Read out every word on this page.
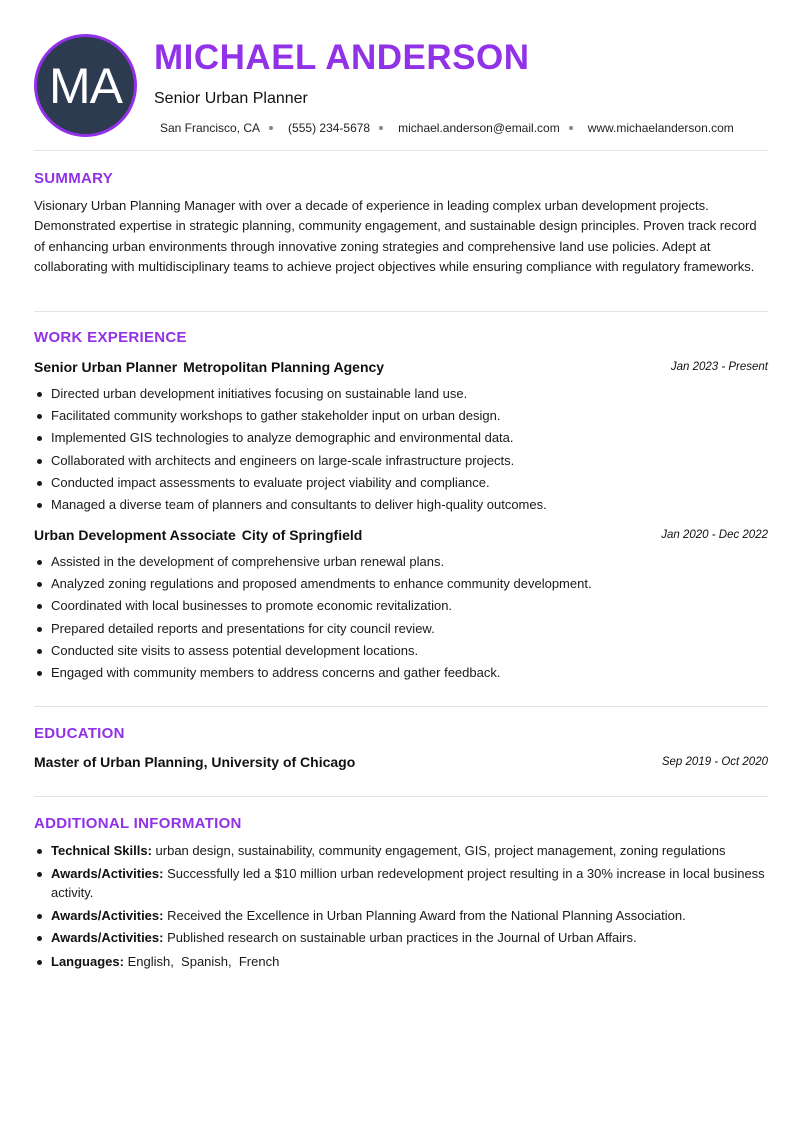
MA MICHAEL ANDERSON
Senior Urban Planner
San Francisco, CA (555) 234-5678 michael.anderson@email.com www.michaelanderson.com
SUMMARY
Visionary Urban Planning Manager with over a decade of experience in leading complex urban development projects. Demonstrated expertise in strategic planning, community engagement, and sustainable design principles. Proven track record of enhancing urban environments through innovative zoning strategies and comprehensive land use policies. Adept at collaborating with multidisciplinary teams to achieve project objectives while ensuring compliance with regulatory frameworks.
WORK EXPERIENCE
Senior Urban Planner Metropolitan Planning Agency	Jan 2023 - Present
Directed urban development initiatives focusing on sustainable land use.
Facilitated community workshops to gather stakeholder input on urban design.
Implemented GIS technologies to analyze demographic and environmental data.
Collaborated with architects and engineers on large-scale infrastructure projects.
Conducted impact assessments to evaluate project viability and compliance.
Managed a diverse team of planners and consultants to deliver high-quality outcomes.
Urban Development Associate City of Springfield	Jan 2020 - Dec 2022
Assisted in the development of comprehensive urban renewal plans.
Analyzed zoning regulations and proposed amendments to enhance community development.
Coordinated with local businesses to promote economic revitalization.
Prepared detailed reports and presentations for city council review.
Conducted site visits to assess potential development locations.
Engaged with community members to address concerns and gather feedback.
EDUCATION
Master of Urban Planning, University of Chicago	Sep 2019 - Oct 2020
ADDITIONAL INFORMATION
Technical Skills: urban design, sustainability, community engagement, GIS, project management, zoning regulations
Awards/Activities: Successfully led a $10 million urban redevelopment project resulting in a 30% increase in local business activity.
Awards/Activities: Received the Excellence in Urban Planning Award from the National Planning Association.
Awards/Activities: Published research on sustainable urban practices in the Journal of Urban Affairs.
Languages: English,  Spanish,  French
